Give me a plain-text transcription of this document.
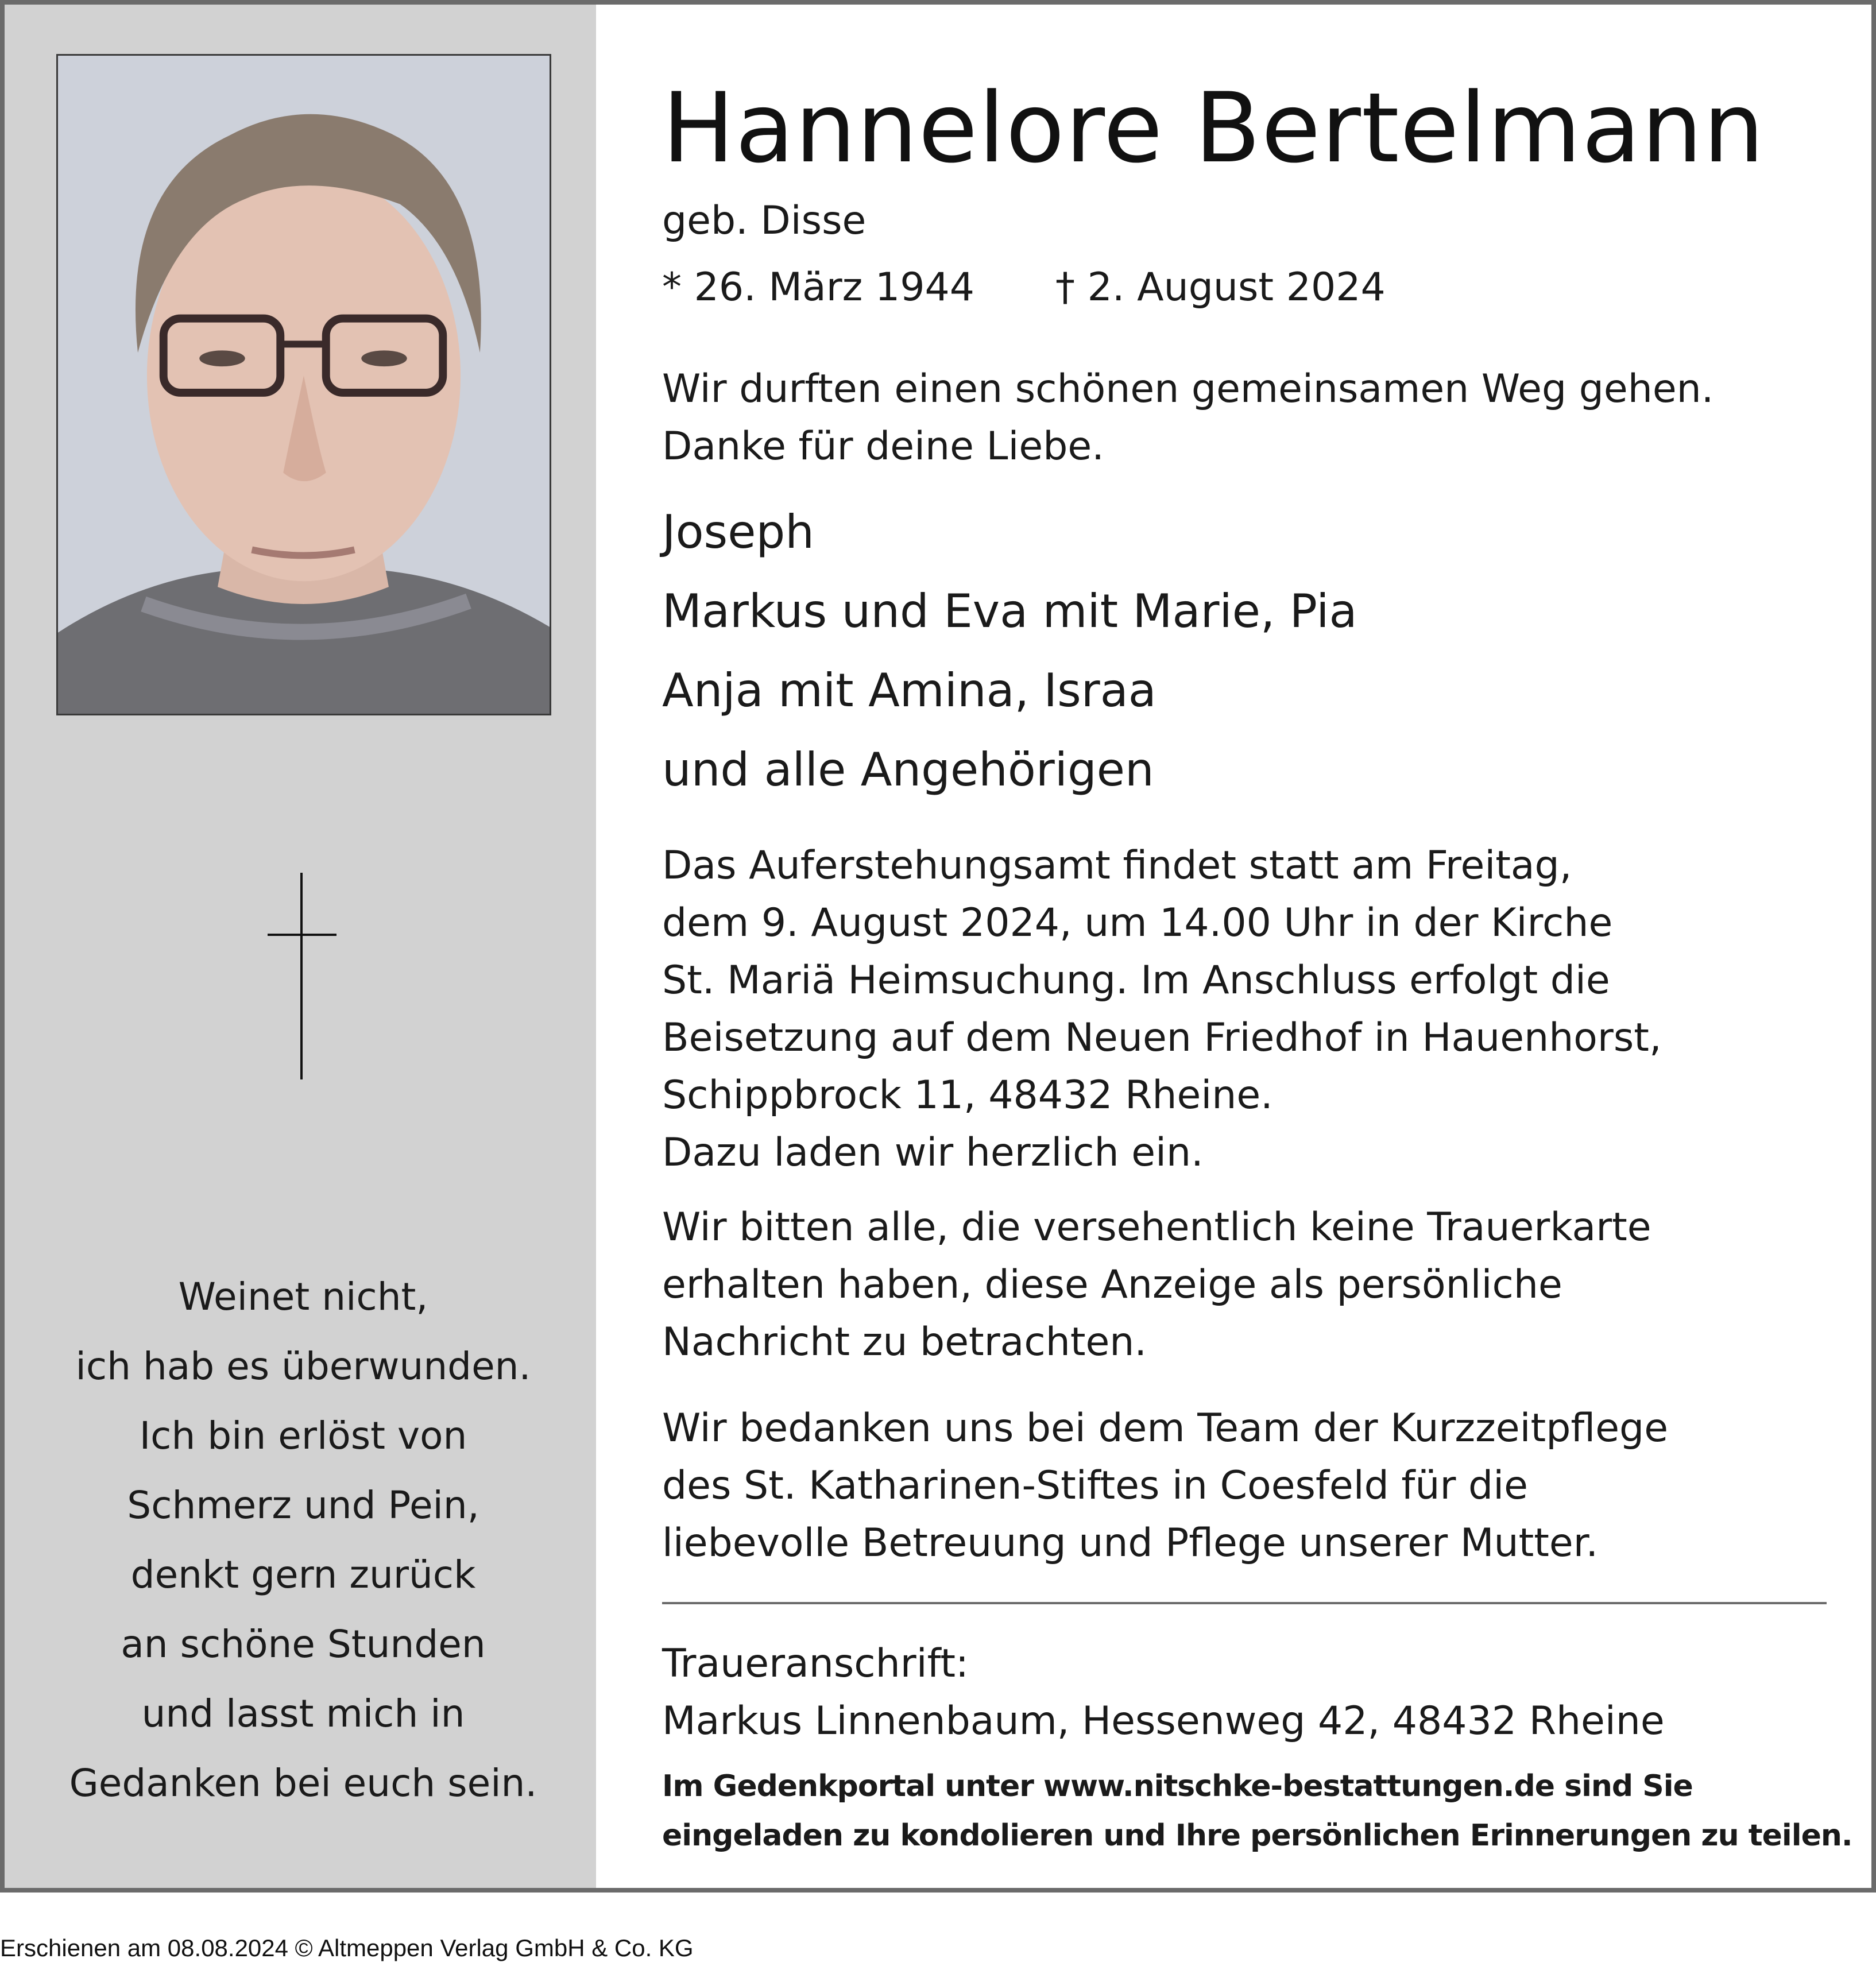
Weinet nicht,
ich hab es überwunden.
Ich bin erlöst von
Schmerz und Pein,
denkt gern zurück
an schöne Stunden
und lasst mich in
Gedanken bei euch sein.
Hannelore Bertelmann
geb. Disse
* 26. März 1944 † 2. August 2024
Wir durften einen schönen gemeinsamen Weg gehen.
Danke für deine Liebe.
Joseph
Markus und Eva mit Marie, Pia
Anja mit Amina, Israa
und alle Angehörigen
Das Auferstehungsamt findet statt am Freitag,
dem 9. August 2024, um 14.00 Uhr in der Kirche
St. Mariä Heimsuchung. Im Anschluss erfolgt die
Beisetzung auf dem Neuen Friedhof in Hauenhorst,
Schippbrock 11, 48432 Rheine.
Dazu laden wir herzlich ein.
Wir bitten alle, die versehentlich keine Trauerkarte
erhalten haben, diese Anzeige als persönliche
Nachricht zu betrachten.
Wir bedanken uns bei dem Team der Kurzzeitpflege
des St. Katharinen-Stiftes in Coesfeld für die
liebevolle Betreuung und Pflege unserer Mutter.
Traueranschrift:
Markus Linnenbaum, Hessenweg 42, 48432 Rheine
Im Gedenkportal unter www.nitschke-bestattungen.de sind Sie
eingeladen zu kondolieren und Ihre persönlichen Erinnerungen zu teilen.
Erschienen am 08.08.2024 © Altmeppen Verlag GmbH & Co. KG
